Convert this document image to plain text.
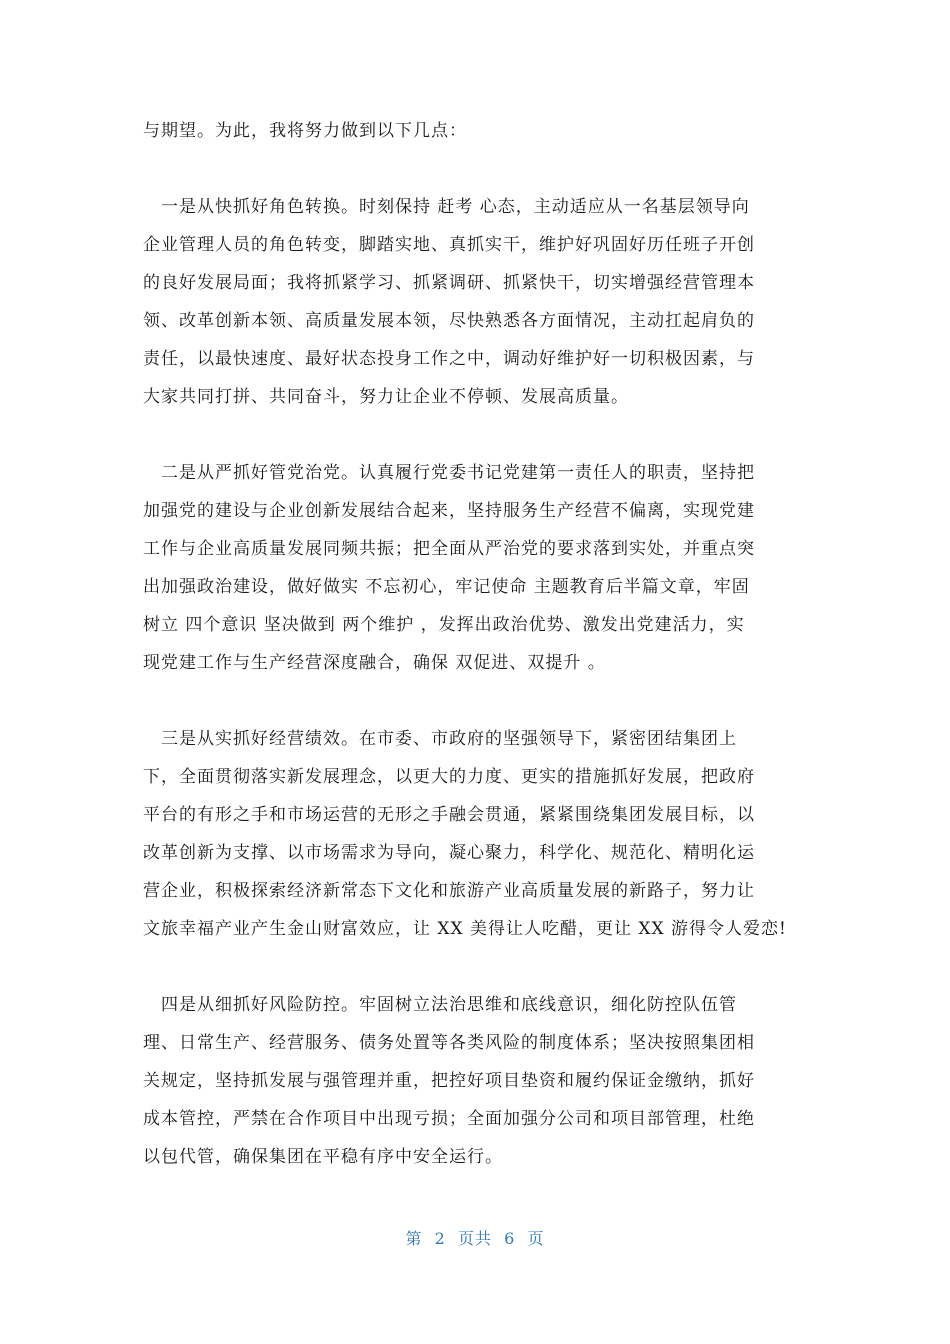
与期望。为此，我将努力做到以下几点：
　一是从快抓好角色转换。时刻保持 赶考 心态，主动适应从一名基层领导向
企业管理人员的角色转变，脚踏实地、真抓实干，维护好巩固好历任班子开创
的良好发展局面；我将抓紧学习、抓紧调研、抓紧快干，切实增强经营管理本
领、改革创新本领、高质量发展本领，尽快熟悉各方面情况，主动扛起肩负的
责任，以最快速度、最好状态投身工作之中，调动好维护好一切积极因素，与
大家共同打拼、共同奋斗，努力让企业不停顿、发展高质量。
　二是从严抓好管党治党。认真履行党委书记党建第一责任人的职责，坚持把
加强党的建设与企业创新发展结合起来，坚持服务生产经营不偏离，实现党建
工作与企业高质量发展同频共振；把全面从严治党的要求落到实处，并重点突
出加强政治建设，做好做实 不忘初心，牢记使命 主题教育后半篇文章，牢固
树立 四个意识 坚决做到 两个维护 ，发挥出政治优势、激发出党建活力，实
现党建工作与生产经营深度融合，确保 双促进、双提升 。
　三是从实抓好经营绩效。在市委、市政府的坚强领导下，紧密团结集团上
下，全面贯彻落实新发展理念，以更大的力度、更实的措施抓好发展，把政府
平台的有形之手和市场运营的无形之手融会贯通，紧紧围绕集团发展目标，以
改革创新为支撑、以市场需求为导向，凝心聚力，科学化、规范化、精明化运
营企业，积极探索经济新常态下文化和旅游产业高质量发展的新路子，努力让
文旅幸福产业产生金山财富效应，让 XX 美得让人吃醋，更让 XX 游得令人爱恋!
　四是从细抓好风险防控。牢固树立法治思维和底线意识，细化防控队伍管
理、日常生产、经营服务、债务处置等各类风险的制度体系；坚决按照集团相
关规定，坚持抓发展与强管理并重，把控好项目垫资和履约保证金缴纳，抓好
成本管控，严禁在合作项目中出现亏损；全面加强分公司和项目部管理，杜绝
以包代管，确保集团在平稳有序中安全运行。
第  2  页共  6  页
